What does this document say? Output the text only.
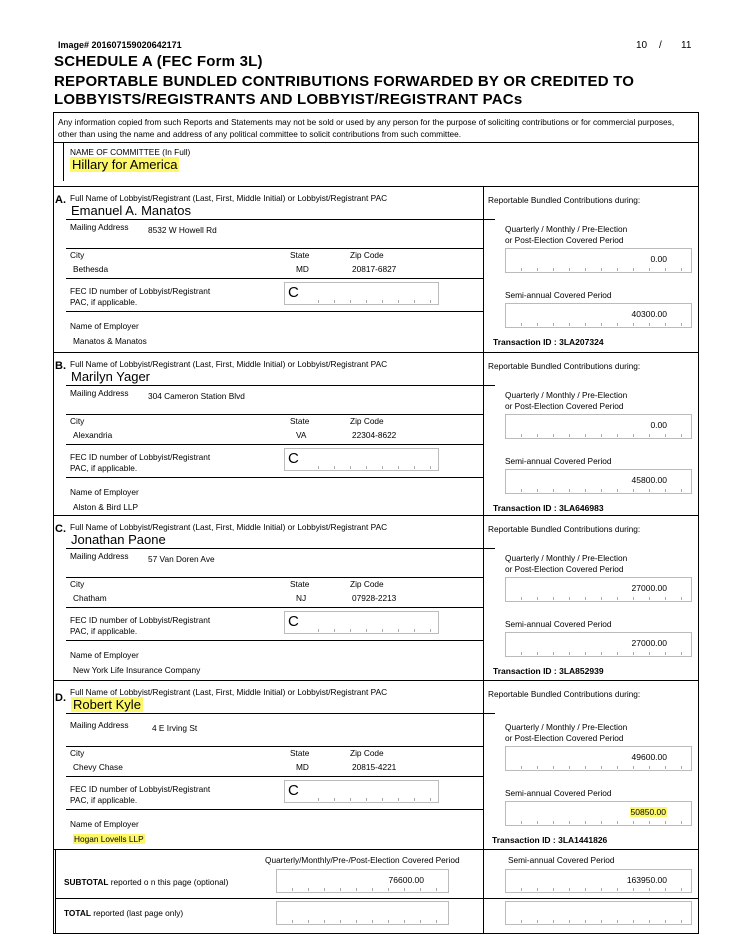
Image# 201607159020642171	10 / 11
SCHEDULE A (FEC Form 3L)
REPORTABLE BUNDLED CONTRIBUTIONS FORWARDED BY OR CREDITED TO
LOBBYISTS/REGISTRANTS AND LOBBYIST/REGISTRANT PACs
Any information copied from such Reports and Statements may not be sold or used by any person for the purpose of soliciting contributions or for commercial purposes, other than using the name and address of any political committee to solicit contributions from such committee.
NAME OF COMMITTEE (In Full)
Hillary for America
A. Full Name of Lobbyist/Registrant (Last, First, Middle Initial) or Lobbyist/Registrant PAC
Emanuel A. Manatos
Mailing Address 8532 W Howell Rd
City	State	Zip Code
Bethesda	MD	20817-6827
FEC ID number of Lobbyist/Registrant
PAC, if applicable.
C
Name of Employer
Manatos & Manatos
Reportable Bundled Contributions during:
Quarterly / Monthly / Pre-Election
or Post-Election Covered Period
0.00
Semi-annual Covered Period
40300.00
Transaction ID : 3LA207324
B. Full Name of Lobbyist/Registrant (Last, First, Middle Initial) or Lobbyist/Registrant PAC
Marilyn Yager
Mailing Address 304 Cameron Station Blvd
City	State	Zip Code
Alexandria	VA	22304-8622
FEC ID number of Lobbyist/Registrant
PAC, if applicable.
C
Name of Employer
Alston & Bird LLP
Reportable Bundled Contributions during:
Quarterly / Monthly / Pre-Election
or Post-Election Covered Period
0.00
Semi-annual Covered Period
45800.00
Transaction ID : 3LA646983
C. Full Name of Lobbyist/Registrant (Last, First, Middle Initial) or Lobbyist/Registrant PAC
Jonathan Paone
Mailing Address 57 Van Doren Ave
City	State	Zip Code
Chatham	NJ	07928-2213
FEC ID number of Lobbyist/Registrant
PAC, if applicable.
C
Name of Employer
New York Life Insurance Company
Reportable Bundled Contributions during:
Quarterly / Monthly / Pre-Election
or Post-Election Covered Period
27000.00
Semi-annual Covered Period
27000.00
Transaction ID : 3LA852939
D. Full Name of Lobbyist/Registrant (Last, First, Middle Initial) or Lobbyist/Registrant PAC
Robert Kyle
Mailing Address	4 E Irving St
City	State	Zip Code
Chevy Chase	MD	20815-4221
FEC ID number of Lobbyist/Registrant
PAC, if applicable.
C
Name of Employer
Hogan Lovells LLP
Reportable Bundled Contributions during:
Quarterly / Monthly / Pre-Election
or Post-Election Covered Period
49600.00
Semi-annual Covered Period
50850.00
Transaction ID : 3LA1441826
Quarterly/Monthly/Pre-/Post-Election Covered Period	Semi-annual Covered Period
SUBTOTAL reported o n this page (optional)	76600.00	163950.00
TOTAL reported (last page only)
